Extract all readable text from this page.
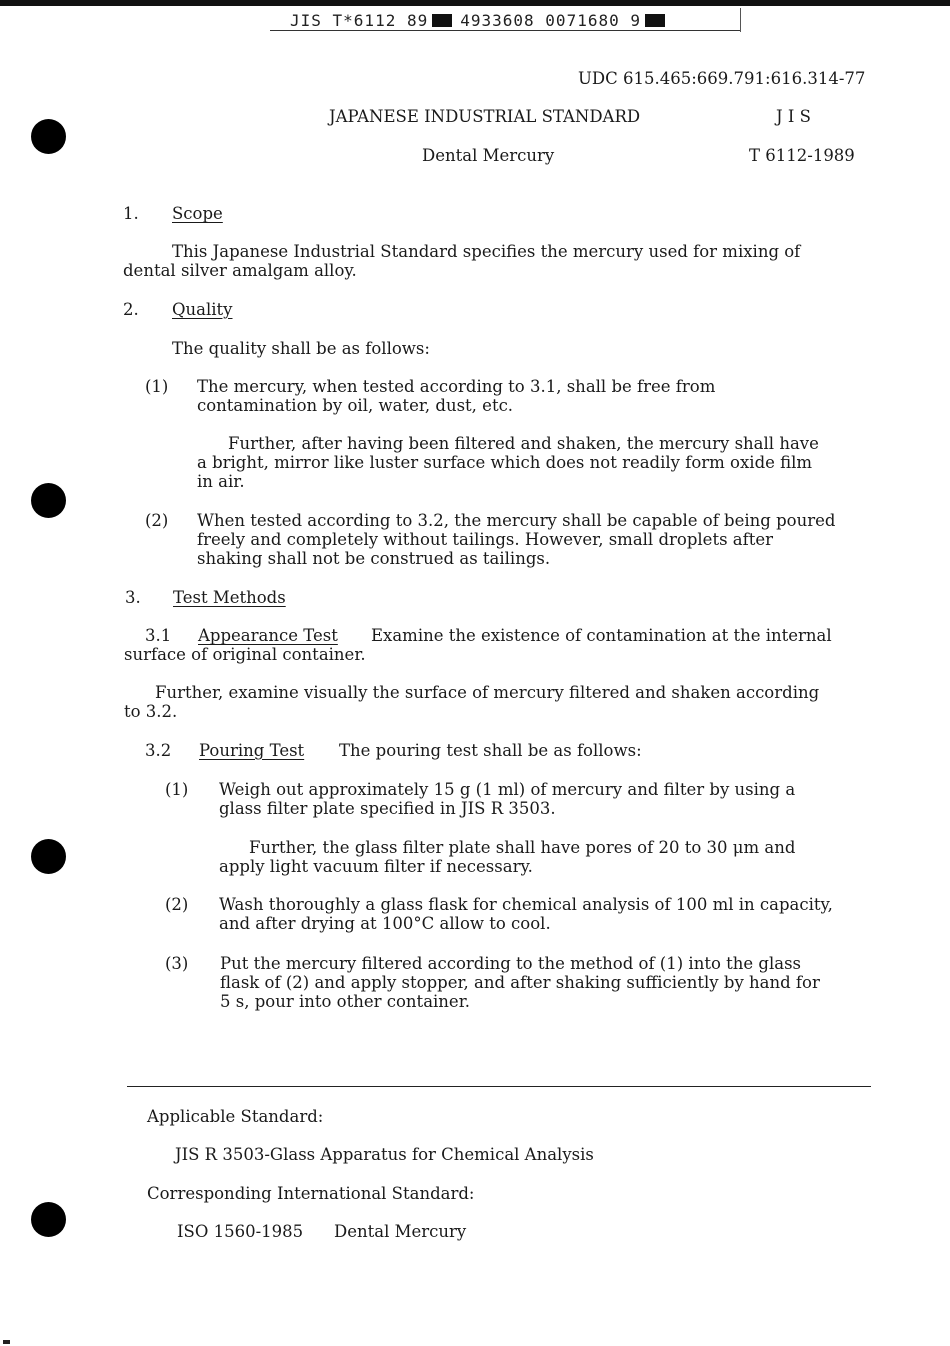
JIS T*6112 89 4933608 0071680 9
UDC 615.465:669.791:616.314-77
JAPANESE INDUSTRIAL STANDARD	J I S
Dental Mercury	T 6112-1989
1. Scope
This Japanese Industrial Standard specifies the mercury used for mixing of
dental silver amalgam alloy.
2. Quality
The quality shall be as follows:
(1) The mercury, when tested according to 3.1, shall be free from
contamination by oil, water, dust, etc.
Further, after having been filtered and shaken, the mercury shall have
a bright, mirror like luster surface which does not readily form oxide film
in air.
(2) When tested according to 3.2, the mercury shall be capable of being poured
freely and completely without tailings. However, small droplets after
shaking shall not be construed as tailings.
3. Test Methods
3.1 Appearance Test Examine the existence of contamination at the internal
surface of original container.
Further, examine visually the surface of mercury filtered and shaken according
to 3.2.
3.2 Pouring Test The pouring test shall be as follows:
(1) Weigh out approximately 15 g (1 ml) of mercury and filter by using a
glass filter plate specified in JIS R 3503.
Further, the glass filter plate shall have pores of 20 to 30 μm and
apply light vacuum filter if necessary.
(2) Wash thoroughly a glass flask for chemical analysis of 100 ml in capacity,
and after drying at 100°C allow to cool.
(3) Put the mercury filtered according to the method of (1) into the glass
flask of (2) and apply stopper, and after shaking sufficiently by hand for
5 s, pour into other container.
Applicable Standard:
JIS R 3503-Glass Apparatus for Chemical Analysis
Corresponding International Standard:
ISO 1560-1985 Dental Mercury
